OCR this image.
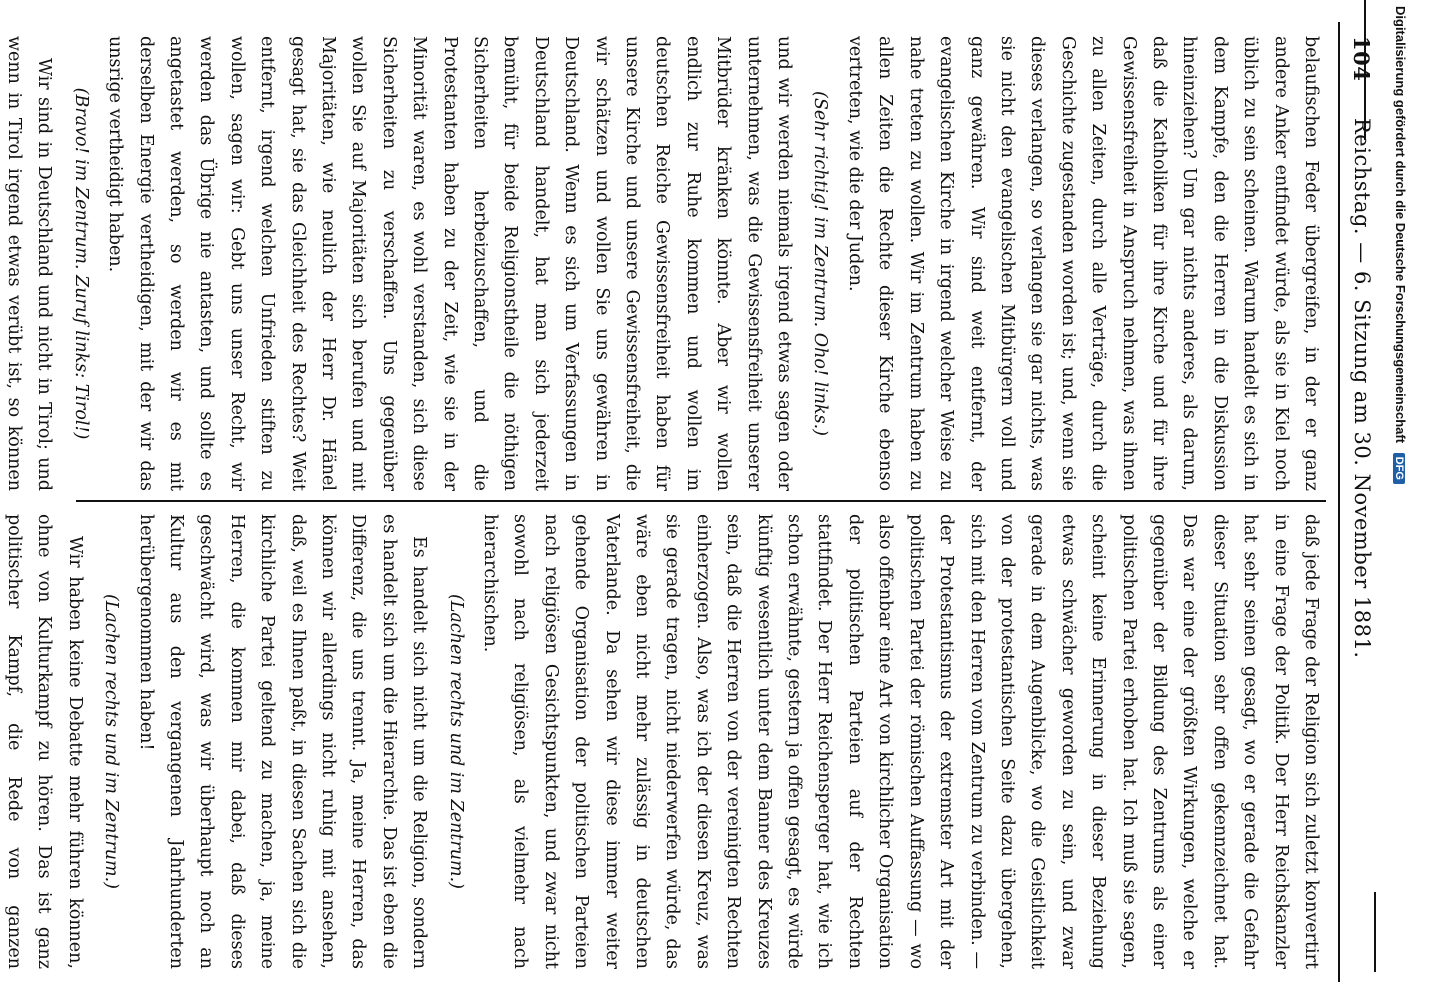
104
Reichstag. — 6. Sitzung am 30. November 1881.

belaufischen Feder übergreifen, in der er ganz andere Anker entfindet würde, als sie in Kiel noch üblich zu sein scheinen. Warum handelt es sich in dem Kampfe, den die Herren in die Diskussion hineinziehen? Um gar nichts anderes, als darum, daß die Katholiken für ihre Kirche und für ihre Gewissensfreiheit in Anspruch nehmen, was ihnen zu allen Zeiten, durch alle Verträge, durch die Geschichte zugestanden worden ist; und, wenn sie dieses verlangen, so verlangen sie gar nichts, was sie nicht den evangelischen Mitbürgern voll und ganz gewähren. Wir sind weit entfernt, der evangelischen Kirche in irgend welcher Weise zu nahe treten zu wollen. Wir im Zentrum haben zu allen Zeiten die Rechte dieser Kirche ebenso vertreten, wie die der Juden.

(Sehr richtig! im Zentrum. Oho! links.)

und wir werden niemals irgend etwas sagen oder unternehmen, was die Gewissensfreiheit unserer Mitbrüder kränken könnte. Aber wir wollen endlich zur Ruhe kommen und wollen im deutschen Reiche Gewissensfreiheit haben für unsere Kirche und unsere Gewissensfreiheit, die wir schätzen und wollen Sie uns gewähren in Deutschland. Wenn es sich um Verfassungen in Deutschland handelt, hat man sich jederzeit bemüht, für beide Religionstheile die nöthigen Sicherheiten herbeizuschaffen, und die Protestanten haben zu der Zeit, wie sie in der Minorität waren, es wohl verstanden, sich diese Sicherheiten zu verschaffen. Uns gegenüber wollen Sie auf Majoritäten sich berufen und mit Majoritäten, wie neulich der Herr Dr. Hänel gesagt hat, sie das Gleichheit des Rechtes? Weit entfernt, irgend welchen Unfrieden stiften zu wollen, sagen wir: Gebt uns unser Recht, wir werden das Übrige nie antasten, und sollte es angetastet werden, so werden wir es mit derselben Energie vertheidigen, mit der wir das unsrige vertheidigt haben.

(Bravo! im Zentrum. Zuruf links: Tirol!)

Wir sind in Deutschland und nicht in Tirol; und wenn in Tirol irgend etwas verübt ist, so können

daß jede Frage der Religion sich zuletzt konvertirt in eine Frage der Politik. Der Herr Reichskanzler hat sehr seinen gesagt, wo er gerade die Gefahr dieser Situation sehr offen gekennzeichnet hat. Das war eine der größten Wirkungen, welche er gegenüber der Bildung des Zentrums als einer politischen Partei erhoben hat. Ich muß sie sagen, scheint keine Erinnerung in dieser Beziehung etwas schwächer geworden zu sein, und zwar gerade in dem Augenblicke, wo die Geistlichkeit von der protestantischen Seite dazu übergehen, sich mit den Herren vom Zentrum zu verbinden. — der Protestantismus der extremster Art mit der politischen Partei der römischen Auffassung — wo also offenbar eine Art von kirchlicher Organisation der politischen Parteien auf der Rechten stattfindet. Der Herr Reichensperger hat, wie ich schon erwähnte, gestern ja offen gesagt, es würde künftig wesentlich unter dem Banner des Kreuzes sein, daß die Herren von der vereinigten Rechten einherzogen. Also, was ich der diesen Kreuz, was sie gerade tragen, nicht niederwerfen würde, das wäre eben nicht mehr zulässig in deutschen Vaterlande. Da sehen wir diese immer weiter gehende Organisation der politischen Parteien nach religiösen Gesichtspunkten, und zwar nicht sowohl nach religiösen, als vielmehr nach hierarchischen.

(Lachen rechts und im Zentrum.)

Es handelt sich nicht um die Religion, sondern es handelt sich um die Hierarchie. Das ist eben die Differenz, die uns trennt. Ja, meine Herren, das können wir allerdings nicht ruhig mit ansehen, daß, weil es Ihnen paßt, in diesen Sachen sich die kirchliche Partei geltend zu machen, ja, meine Herren, die kommen mir dabei, daß dieses geschwächt wird, was wir überhaupt noch an Kultur aus den vergangenen Jahrhunderten herübergenommen haben!

(Lachen rechts und im Zentrum.)

Wir haben keine Debatte mehr führen können, ohne von Kulturkampf zu hören. Das ist ganz politischer Kampf, die Rede von ganzen

Digitalisierung gefördert durch die Deutsche Forschungsgemeinschaft DFG
